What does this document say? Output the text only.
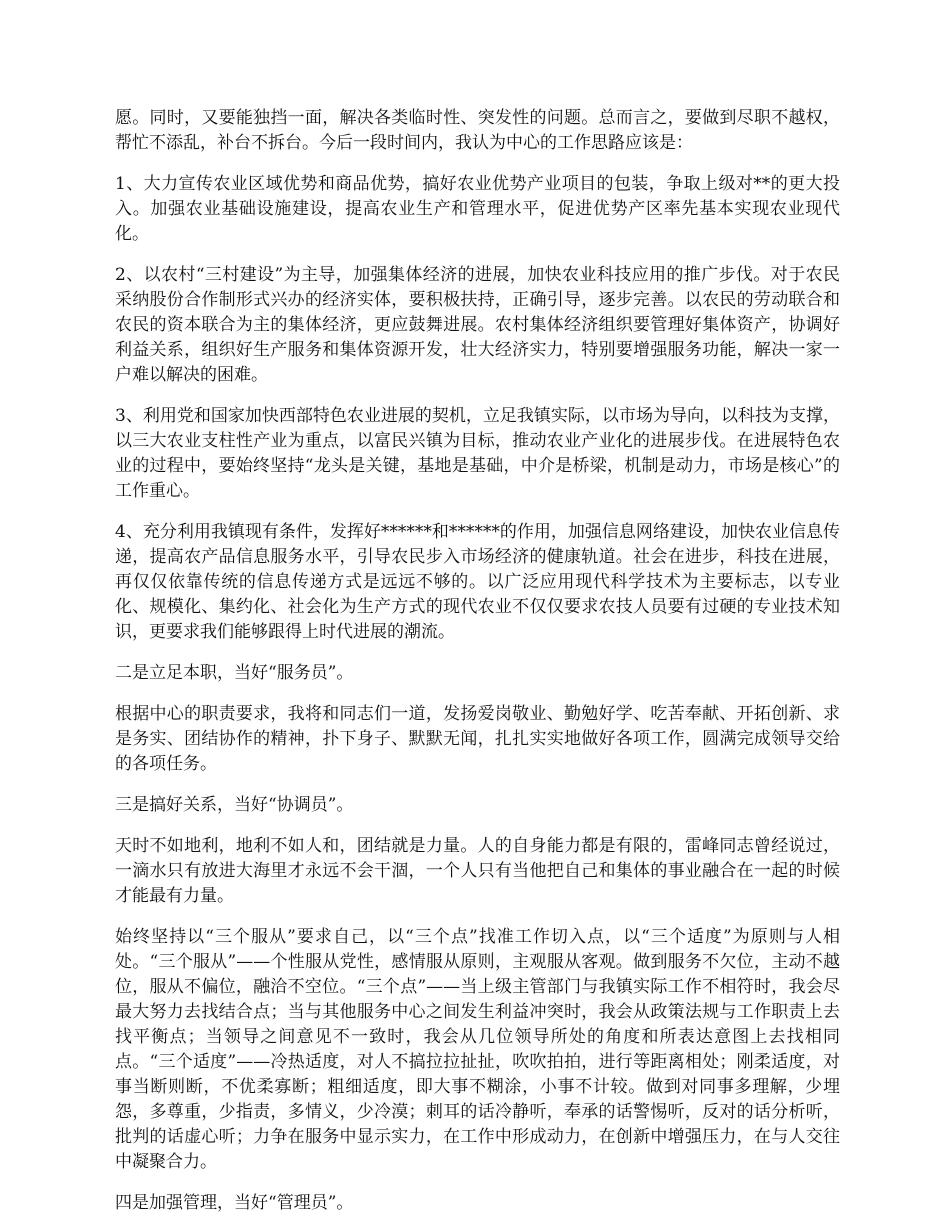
愿。同时，又要能独挡一面，解决各类临时性、突发性的问题。总而言之，要做到尽职不越权，帮忙不添乱，补台不拆台。今后一段时间内，我认为中心的工作思路应该是：

1、大力宣传农业区域优势和商品优势，搞好农业优势产业项目的包装，争取上级对**的更大投入。加强农业基础设施建设，提高农业生产和管理水平，促进优势产区率先基本实现农业现代化。

2、以农村“三村建设”为主导，加强集体经济的进展，加快农业科技应用的推广步伐。对于农民采纳股份合作制形式兴办的经济实体，要积极扶持，正确引导，逐步完善。以农民的劳动联合和农民的资本联合为主的集体经济，更应鼓舞进展。农村集体经济组织要管理好集体资产，协调好利益关系，组织好生产服务和集体资源开发，壮大经济实力，特别要增强服务功能，解决一家一户难以解决的困难。

3、利用党和国家加快西部特色农业进展的契机，立足我镇实际，以市场为导向，以科技为支撑，以三大农业支柱性产业为重点，以富民兴镇为目标，推动农业产业化的进展步伐。在进展特色农业的过程中，要始终坚持“龙头是关键，基地是基础，中介是桥梁，机制是动力，市场是核心”的工作重心。

4、充分利用我镇现有条件，发挥好******和******的作用，加强信息网络建设，加快农业信息传递，提高农产品信息服务水平，引导农民步入市场经济的健康轨道。社会在进步，科技在进展，再仅仅依靠传统的信息传递方式是远远不够的。以广泛应用现代科学技术为主要标志，以专业化、规模化、集约化、社会化为生产方式的现代农业不仅仅要求农技人员要有过硬的专业技术知识，更要求我们能够跟得上时代进展的潮流。

二是立足本职，当好“服务员”。

根据中心的职责要求，我将和同志们一道，发扬爱岗敬业、勤勉好学、吃苦奉献、开拓创新、求是务实、团结协作的精神，扑下身子、默默无闻，扎扎实实地做好各项工作，圆满完成领导交给的各项任务。

三是搞好关系，当好“协调员”。

天时不如地利，地利不如人和，团结就是力量。人的自身能力都是有限的，雷峰同志曾经说过，一滴水只有放进大海里才永远不会干涸，一个人只有当他把自己和集体的事业融合在一起的时候才能最有力量。

始终坚持以“三个服从”要求自己，以“三个点”找准工作切入点，以“三个适度”为原则与人相处。“三个服从”——个性服从党性，感情服从原则，主观服从客观。做到服务不欠位，主动不越位，服从不偏位，融洽不空位。“三个点”——当上级主管部门与我镇实际工作不相符时，我会尽最大努力去找结合点；当与其他服务中心之间发生利益冲突时，我会从政策法规与工作职责上去找平衡点；当领导之间意见不一致时，我会从几位领导所处的角度和所表达意图上去找相同点。“三个适度”——冷热适度，对人不搞拉拉扯扯，吹吹拍拍，进行等距离相处；刚柔适度，对事当断则断，不优柔寡断；粗细适度，即大事不糊涂，小事不计较。做到对同事多理解，少埋怨，多尊重，少指责，多情义，少冷漠；刺耳的话冷静听，奉承的话警惕听，反对的话分析听，批判的话虚心听；力争在服务中显示实力，在工作中形成动力，在创新中增强压力，在与人交往中凝聚合力。

四是加强管理，当好“管理员”。
